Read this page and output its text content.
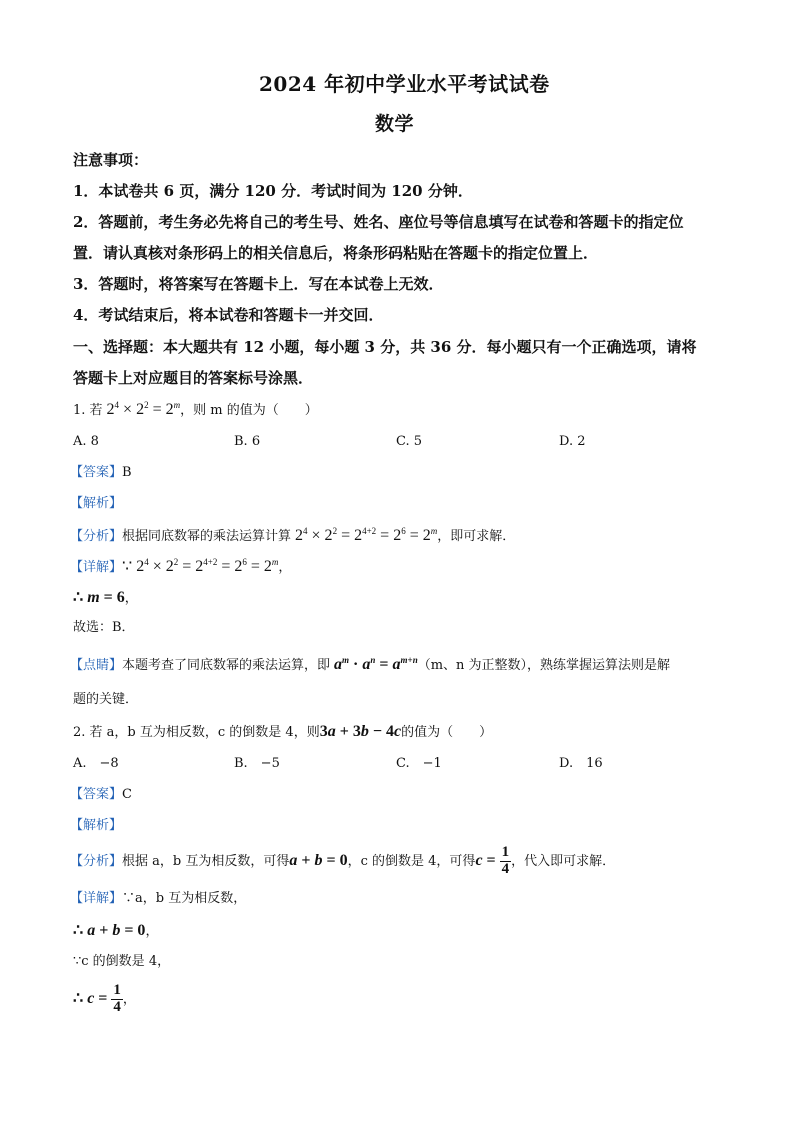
2024 年初中学业水平考试试卷
数学
注意事项：
1．本试卷共 6 页，满分 120 分．考试时间为 120 分钟．
2．答题前，考生务必先将自己的考生号、姓名、座位号等信息填写在试卷和答题卡的指定位
置．请认真核对条形码上的相关信息后，将条形码粘贴在答题卡的指定位置上．
3．答题时，将答案写在答题卡上．写在本试卷上无效．
4．考试结束后，将本试卷和答题卡一并交回．
一、选择题：本大题共有 12 小题，每小题 3 分，共 36 分．每小题只有一个正确选项，请将
答题卡上对应题目的答案标号涂黑．
1. 若 $2^4 \times 2^2 = 2^m$，则 m 的值为（　　）
A. 8	B. 6	C. 5	D. 2
【答案】B
【解析】
【分析】根据同底数幂的乘法运算计算 $2^4 \times 2^2 = 2^{4+2} = 2^6 = 2^m$，即可求解．
【详解】∵ $2^4 \times 2^2 = 2^{4+2} = 2^6 = 2^m$，
∴ m = 6，
故选：B．
【点睛】本题考查了同底数幂的乘法运算，即 $a^m \cdot a^n = a^{m+n}(m$、n 为正整数），熟练掌握运算法则是解
题的关键．
2. 若 a，b 互为相反数，c 的倒数是 4，则3a + 3b − 4c的值为（　　）
A.　−8	B.　−5	C.　−1	D.　16
【答案】C
【解析】
【分析】根据 a，b 互为相反数，可得a + b = 0，c 的倒数是 4，可得$c = \frac{1}{4}$ ，代入即可求解．
【详解】∵a，b 互为相反数，
∴ a + b = 0，
∵c 的倒数是 4，
∴ $c = \frac{1}{4}$ ，
